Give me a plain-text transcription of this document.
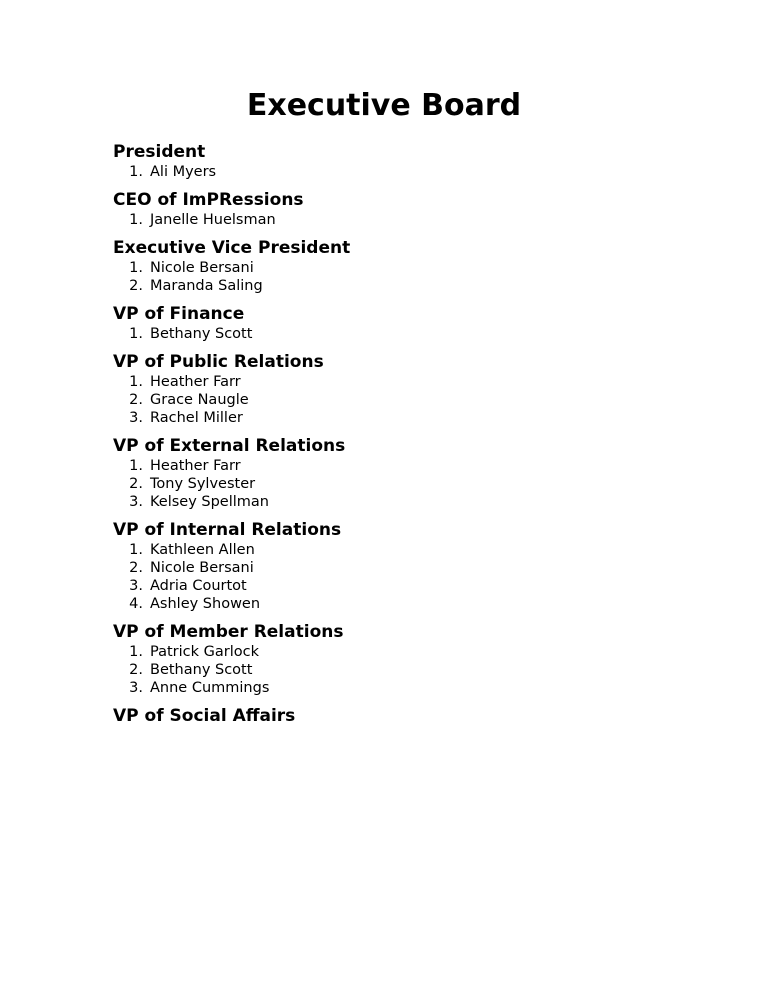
Executive Board
President
1. Ali Myers
CEO of ImPRessions
1. Janelle Huelsman
Executive Vice President
1. Nicole Bersani
2. Maranda Saling
VP of Finance
1. Bethany Scott
VP of Public Relations
1. Heather Farr
2. Grace Naugle
3. Rachel Miller
VP of External Relations
1. Heather Farr
2. Tony Sylvester
3. Kelsey Spellman
VP of Internal Relations
1. Kathleen Allen
2. Nicole Bersani
3. Adria Courtot
4. Ashley Showen
VP of Member Relations
1. Patrick Garlock
2. Bethany Scott
3. Anne Cummings
VP of Social Affairs
